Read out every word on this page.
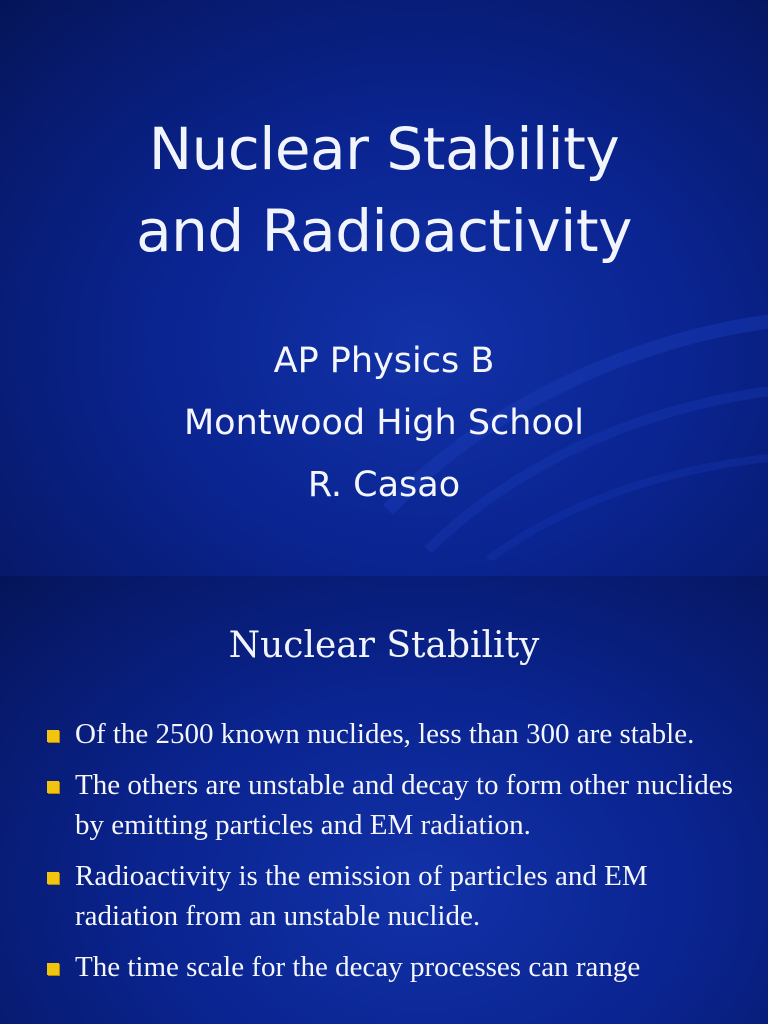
Nuclear Stability
and Radioactivity
AP Physics B
Montwood High School
R. Casao
Nuclear Stability
Of the 2500 known nuclides, less than 300 are stable.
The others are unstable and decay to form other nuclides by emitting particles and EM radiation.
Radioactivity is the emission of particles and EM radiation from an unstable nuclide.
The time scale for the decay processes can range
